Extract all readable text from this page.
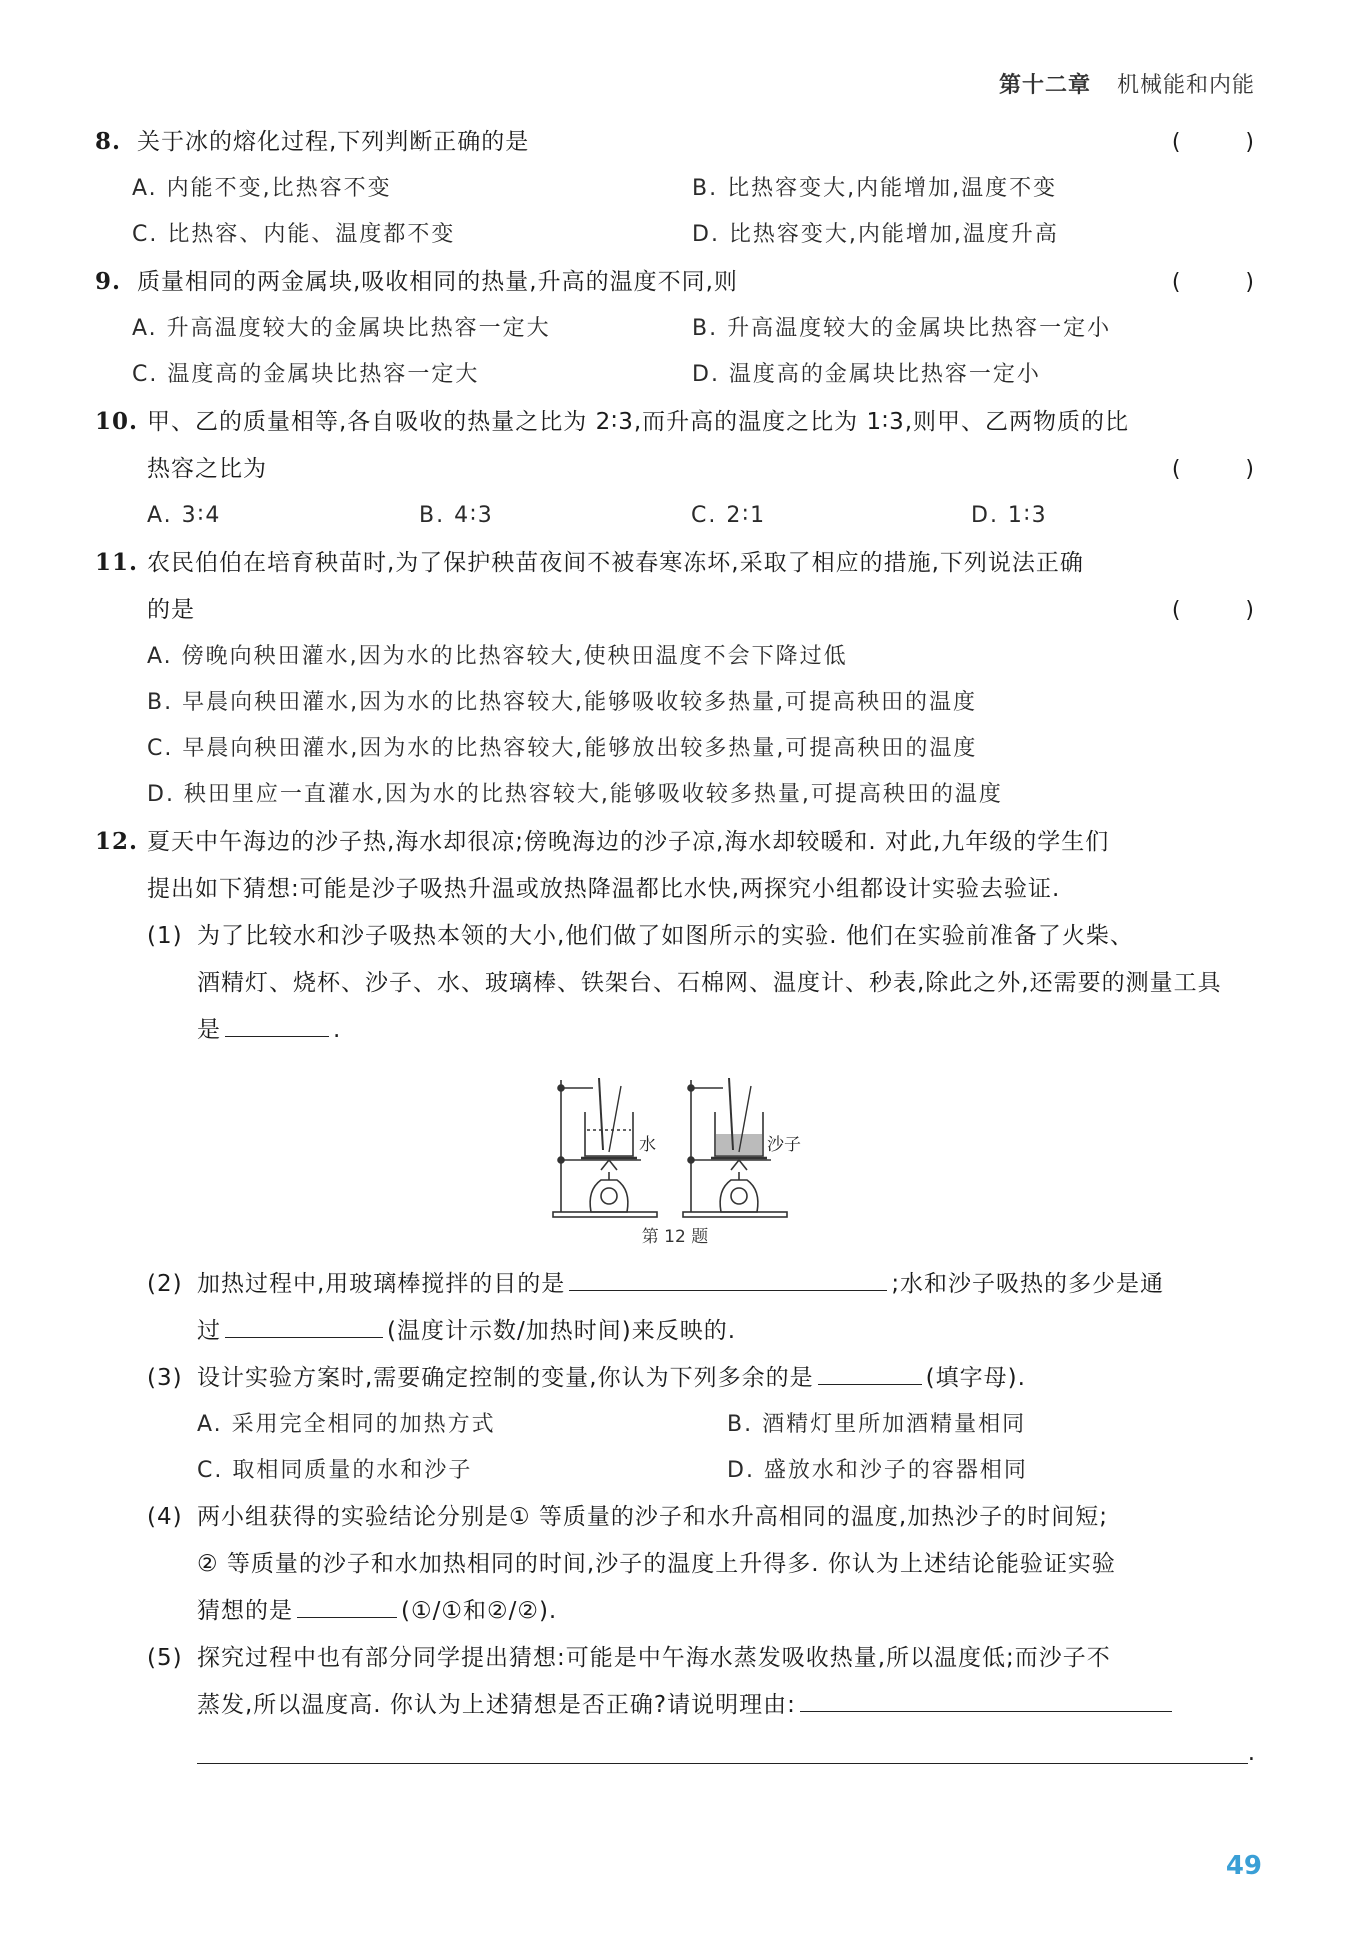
第十二章 机械能和内能
8. 关于冰的熔化过程,下列判断正确的是	(        )
A. 内能不变,比热容不变	B. 比热容变大,内能增加,温度不变
C. 比热容、内能、温度都不变	D. 比热容变大,内能增加,温度升高
9. 质量相同的两金属块,吸收相同的热量,升高的温度不同,则	(        )
A. 升高温度较大的金属块比热容一定大	B. 升高温度较大的金属块比热容一定小
C. 温度高的金属块比热容一定大	D. 温度高的金属块比热容一定小
10. 甲、乙的质量相等,各自吸收的热量之比为 2∶3,而升高的温度之比为 1∶3,则甲、乙两物质的比
热容之比为	(        )
A. 3∶4	B. 4∶3	C. 2∶1	D. 1∶3
11. 农民伯伯在培育秧苗时,为了保护秧苗夜间不被春寒冻坏,采取了相应的措施,下列说法正确
的是	(        )
A. 傍晚向秧田灌水,因为水的比热容较大,使秧田温度不会下降过低
B. 早晨向秧田灌水,因为水的比热容较大,能够吸收较多热量,可提高秧田的温度
C. 早晨向秧田灌水,因为水的比热容较大,能够放出较多热量,可提高秧田的温度
D. 秧田里应一直灌水,因为水的比热容较大,能够吸收较多热量,可提高秧田的温度
12. 夏天中午海边的沙子热,海水却很凉;傍晚海边的沙子凉,海水却较暖和. 对此,九年级的学生们
提出如下猜想:可能是沙子吸热升温或放热降温都比水快,两探究小组都设计实验去验证.
(1) 为了比较水和沙子吸热本领的大小,他们做了如图所示的实验. 他们在实验前准备了火柴、
酒精灯、烧杯、沙子、水、玻璃棒、铁架台、石棉网、温度计、秒表,除此之外,还需要的测量工具
是	.
水	沙子
第 12 题
(2) 加热过程中,用玻璃棒搅拌的目的是	;水和沙子吸热的多少是通
过	(温度计示数/加热时间)来反映的.
(3) 设计实验方案时,需要确定控制的变量,你认为下列多余的是	(填字母).
A. 采用完全相同的加热方式	B. 酒精灯里所加酒精量相同
C. 取相同质量的水和沙子	D. 盛放水和沙子的容器相同
(4) 两小组获得的实验结论分别是① 等质量的沙子和水升高相同的温度,加热沙子的时间短;
② 等质量的沙子和水加热相同的时间,沙子的温度上升得多. 你认为上述结论能验证实验
猜想的是	(①/①和②/②).
(5) 探究过程中也有部分同学提出猜想:可能是中午海水蒸发吸收热量,所以温度低;而沙子不
蒸发,所以温度高. 你认为上述猜想是否正确?请说明理由:
.
49
